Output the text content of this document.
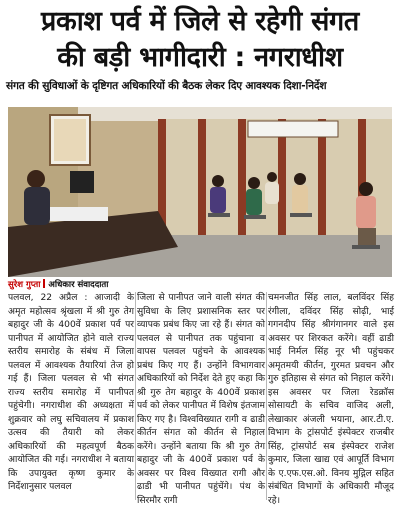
प्रकाश पर्व में जिले से रहेगी संगत
की बड़ी भागीदारी : नगराधीश
संगत की सुविधाओं के दृष्टिगत अधिकारियों की बैठक लेकर दिए आवश्यक दिशा-निर्देश
सुरेश गुप्ता अधिकार संवाददाता

पलवल, 22 अप्रैल : आजादी के अमृत महोत्सव श्रृंखला में श्री गुरु तेग बहादुर जी के 400वें प्रकाश पर्व पर पानीपत में आयोजित होने वाले राज्य स्तरीय समारोह के संबंध में जिला पलवल में आवश्यक तैयारियां तेज हो गई हैं। जिला पलवल से भी संगत राज्य स्तरीय समारोह में पानीपत पहुंचेगी। नगराधीश की अध्यक्षता में शुक्रवार को लघु सचिवालय में प्रकाश उत्सव की तैयारी को लेकर अधिकारियों की महत्वपूर्ण बैठक आयोजित की गई। नगराधीश ने बताया कि उपायुक्त कृष्ण कुमार के निर्देशानुसार पलवल

जिला से पानीपत जाने वाली संगत की सुविधा के लिए प्रशासनिक स्तर पर व्यापक प्रबंध किए जा रहे हैं। संगत को पलवल से पानीपत तक पहुंचाना व वापस पलवल पहुंचने के आवश्यक प्रबंध किए गए हैं। उन्होंने विभागवार अधिकारियों को निर्देश देते हुए कहा कि श्री गुरु तेग बहादुर के 400वें प्रकाश पर्व को लेकर पानीपत में विशेष इंतजाम किए गए है। विश्वविख्यात रागी व ढाडी कीर्तन संगत को कीर्तन से निहाल करेंगे। उन्होंने बताया कि श्री गुरु तेग बहादुर जी के 400वें प्रकाश पर्व के अवसर पर विश्व विख्यात रागी और ढाडी भी पानीपत पहुंचेंगे। पंथ के सिरमौर रागी

चमनजीत सिंह लाल, बलविंदर सिंह रंगीला, दविंदर सिंह सोढ़ी, भाई गगनदीप सिंह श्रीगंगानगर वाले इस अवसर पर शिरकत करेंगे। वहीं ढाडी भाई निर्मल सिंह नूर भी पहुंचकर अमृतमयी कीर्तन, गुरमत प्रवचन और गुरु इतिहास से संगत को निहाल करेंगे। इस अवसर पर जिला रेडक्रॉस सोसायटी के सचिव वाजिद अली, लेखाकार अंजली भयाना, आर.टी.ए. विभाग के ट्रांसपोर्ट इंस्पेक्टर राजबीर सिंह, ट्रांसपोर्ट सब इंस्पेक्टर राजेश कुमार, जिला खाद्य एवं आपूर्ति विभाग के ए.एफ.एस.ओ. विनय मुद्गिल सहित संबंधित विभागों के अधिकारी मौजूद रहे।
